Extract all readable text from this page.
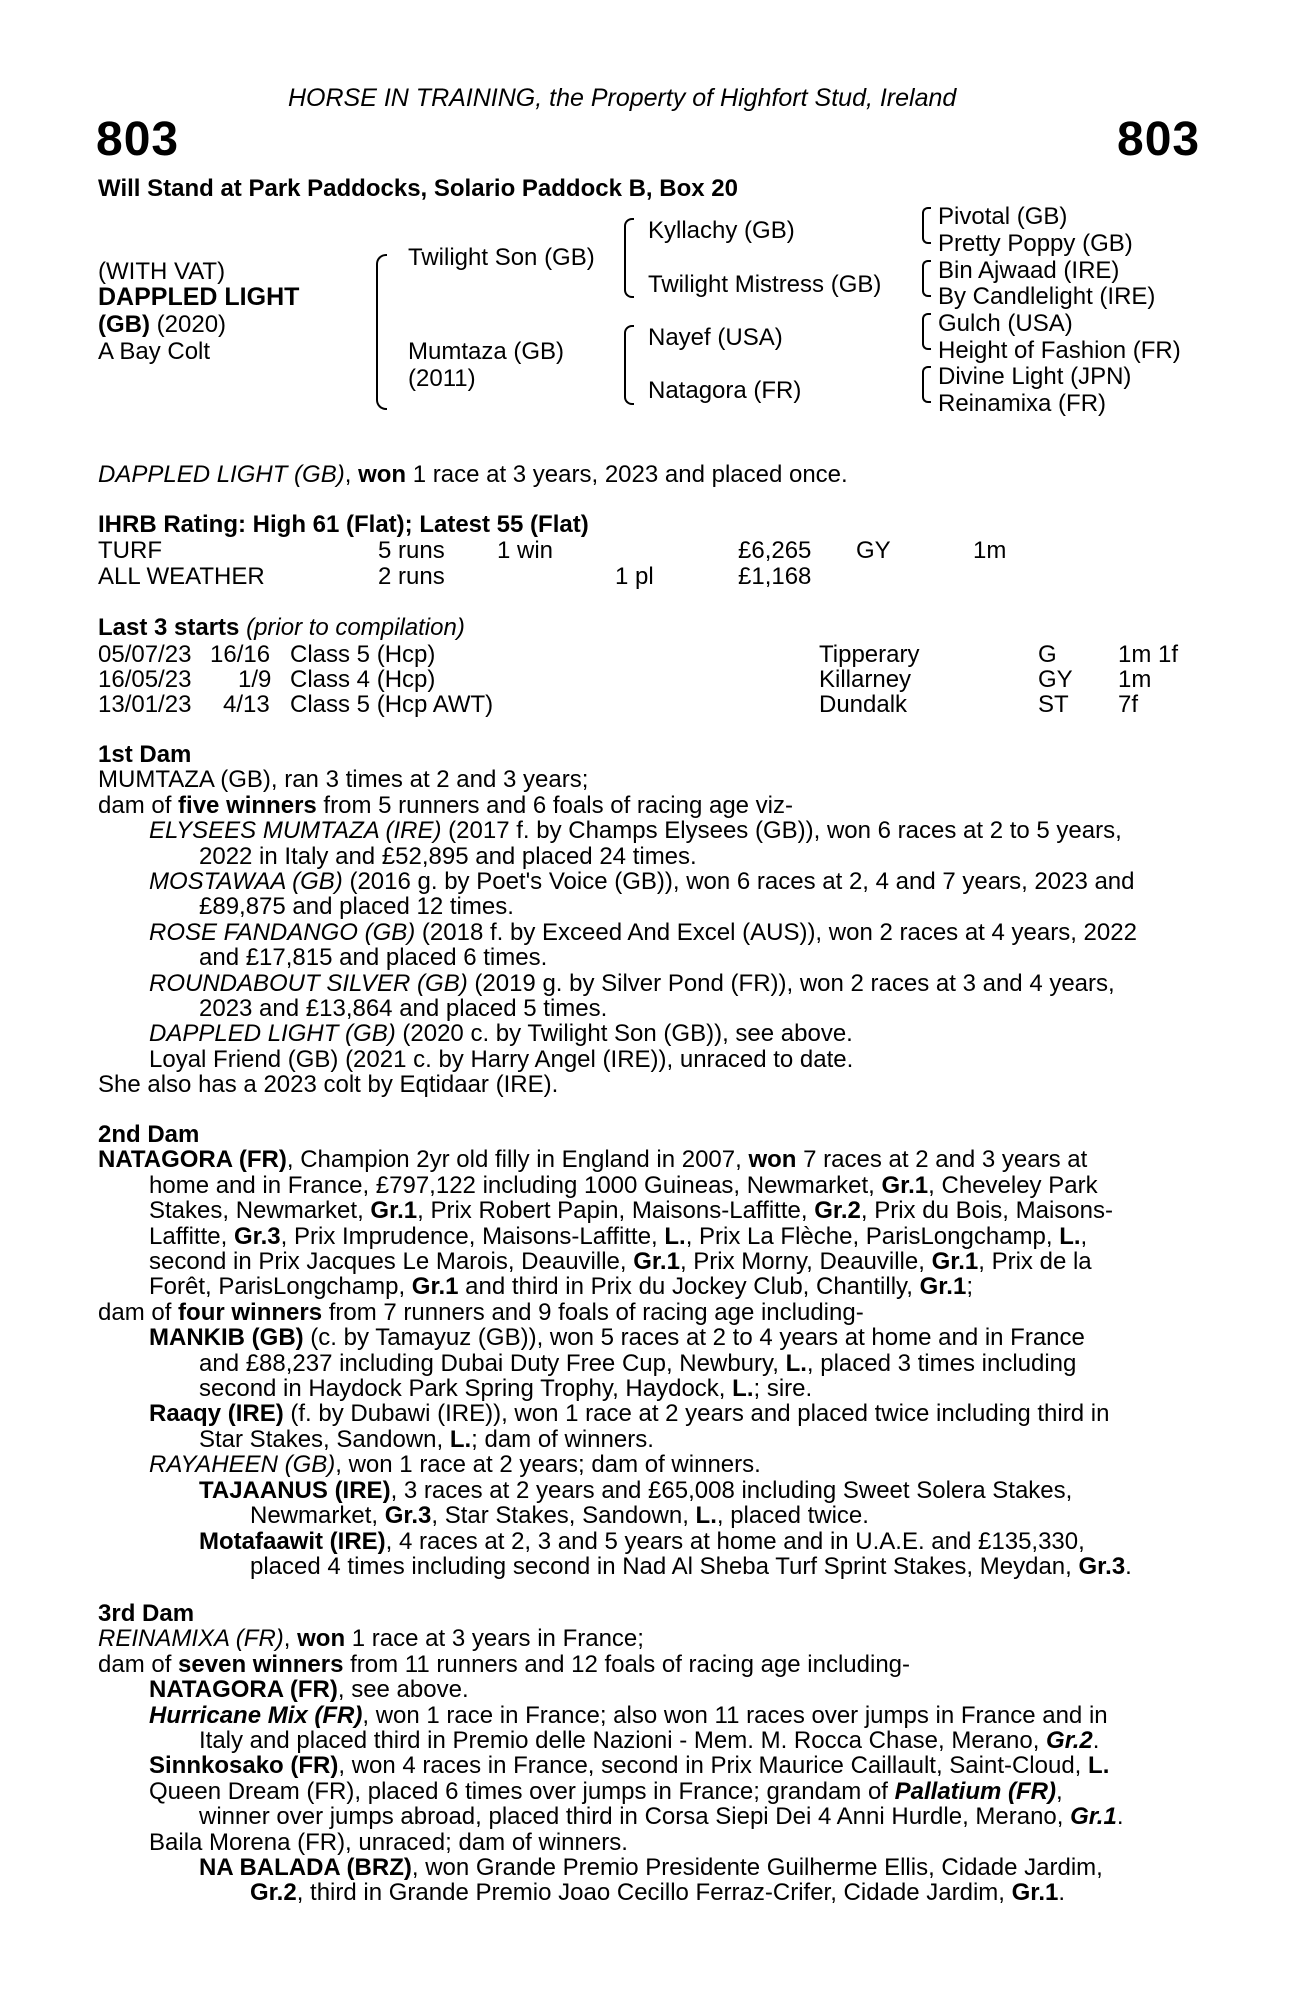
HORSE IN TRAINING, the Property of Highfort Stud, Ireland
803	803
Will Stand at Park Paddocks, Solario Paddock B, Box 20
(WITH VAT)
DAPPLED LIGHT
(GB) (2020)
A Bay Colt
Twilight Son (GB)
Mumtaza (GB)
(2011)
Kyllachy (GB)
Twilight Mistress (GB)
Nayef (USA)
Natagora (FR)
Pivotal (GB)
Pretty Poppy (GB)
Bin Ajwaad (IRE)
By Candlelight (IRE)
Gulch (USA)
Height of Fashion (FR)
Divine Light (JPN)
Reinamixa (FR)
DAPPLED LIGHT (GB), won 1 race at 3 years, 2023 and placed once.
IHRB Rating: High 61 (Flat); Latest 55 (Flat)
TURF	5 runs 1 win	£6,265 GY	1m
ALL WEATHER	2 runs	1 pl	£1,168
Last 3 starts (prior to compilation)
05/07/23 16/16 Class 5 (Hcp)	Tipperary	G	1m 1f
16/05/23 1/9 Class 4 (Hcp)	Killarney	GY 1m
13/01/23 4/13 Class 5 (Hcp AWT)	Dundalk	ST 7f

1st Dam

MUMTAZA (GB), ran 3 times at 2 and 3 years;

dam of five winners from 5 runners and 6 foals of racing age viz-

ELYSEES MUMTAZA (IRE) (2017 f. by Champs Elysees (GB)), won 6 races at 2 to 5 years,

2022 in Italy and £52,895 and placed 24 times.

MOSTAWAA (GB) (2016 g. by Poet's Voice (GB)), won 6 races at 2, 4 and 7 years, 2023 and

£89,875 and placed 12 times.

ROSE FANDANGO (GB) (2018 f. by Exceed And Excel (AUS)), won 2 races at 4 years, 2022

and £17,815 and placed 6 times.

ROUNDABOUT SILVER (GB) (2019 g. by Silver Pond (FR)), won 2 races at 3 and 4 years,

2023 and £13,864 and placed 5 times.

DAPPLED LIGHT (GB) (2020 c. by Twilight Son (GB)), see above.

Loyal Friend (GB) (2021 c. by Harry Angel (IRE)), unraced to date.

She also has a 2023 colt by Eqtidaar (IRE).

2nd Dam

NATAGORA (FR), Champion 2yr old filly in England in 2007, won 7 races at 2 and 3 years at

home and in France, £797,122 including 1000 Guineas, Newmarket, Gr.1, Cheveley Park

Stakes, Newmarket, Gr.1, Prix Robert Papin, Maisons-Laffitte, Gr.2, Prix du Bois, Maisons-

Laffitte, Gr.3, Prix Imprudence, Maisons-Laffitte, L., Prix La Flèche, ParisLongchamp, L.,

second in Prix Jacques Le Marois, Deauville, Gr.1, Prix Morny, Deauville, Gr.1, Prix de la

Forêt, ParisLongchamp, Gr.1 and third in Prix du Jockey Club, Chantilly, Gr.1;

dam of four winners from 7 runners and 9 foals of racing age including-

MANKIB (GB) (c. by Tamayuz (GB)), won 5 races at 2 to 4 years at home and in France

and £88,237 including Dubai Duty Free Cup, Newbury, L., placed 3 times including

second in Haydock Park Spring Trophy, Haydock, L.; sire.

Raaqy (IRE) (f. by Dubawi (IRE)), won 1 race at 2 years and placed twice including third in

Star Stakes, Sandown, L.; dam of winners.

RAYAHEEN (GB), won 1 race at 2 years; dam of winners.

TAJAANUS (IRE), 3 races at 2 years and £65,008 including Sweet Solera Stakes,

Newmarket, Gr.3, Star Stakes, Sandown, L., placed twice.

Motafaawit (IRE), 4 races at 2, 3 and 5 years at home and in U.A.E. and £135,330,

placed 4 times including second in Nad Al Sheba Turf Sprint Stakes, Meydan, Gr.3.

3rd Dam

REINAMIXA (FR), won 1 race at 3 years in France;

dam of seven winners from 11 runners and 12 foals of racing age including-

NATAGORA (FR), see above.

Hurricane Mix (FR), won 1 race in France; also won 11 races over jumps in France and in

Italy and placed third in Premio delle Nazioni - Mem. M. Rocca Chase, Merano, Gr.2.

Sinnkosako (FR), won 4 races in France, second in Prix Maurice Caillault, Saint-Cloud, L.

Queen Dream (FR), placed 6 times over jumps in France; grandam of Pallatium (FR),

winner over jumps abroad, placed third in Corsa Siepi Dei 4 Anni Hurdle, Merano, Gr.1.

Baila Morena (FR), unraced; dam of winners.

NA BALADA (BRZ), won Grande Premio Presidente Guilherme Ellis, Cidade Jardim,

Gr.2, third in Grande Premio Joao Cecillo Ferraz-Crifer, Cidade Jardim, Gr.1.
